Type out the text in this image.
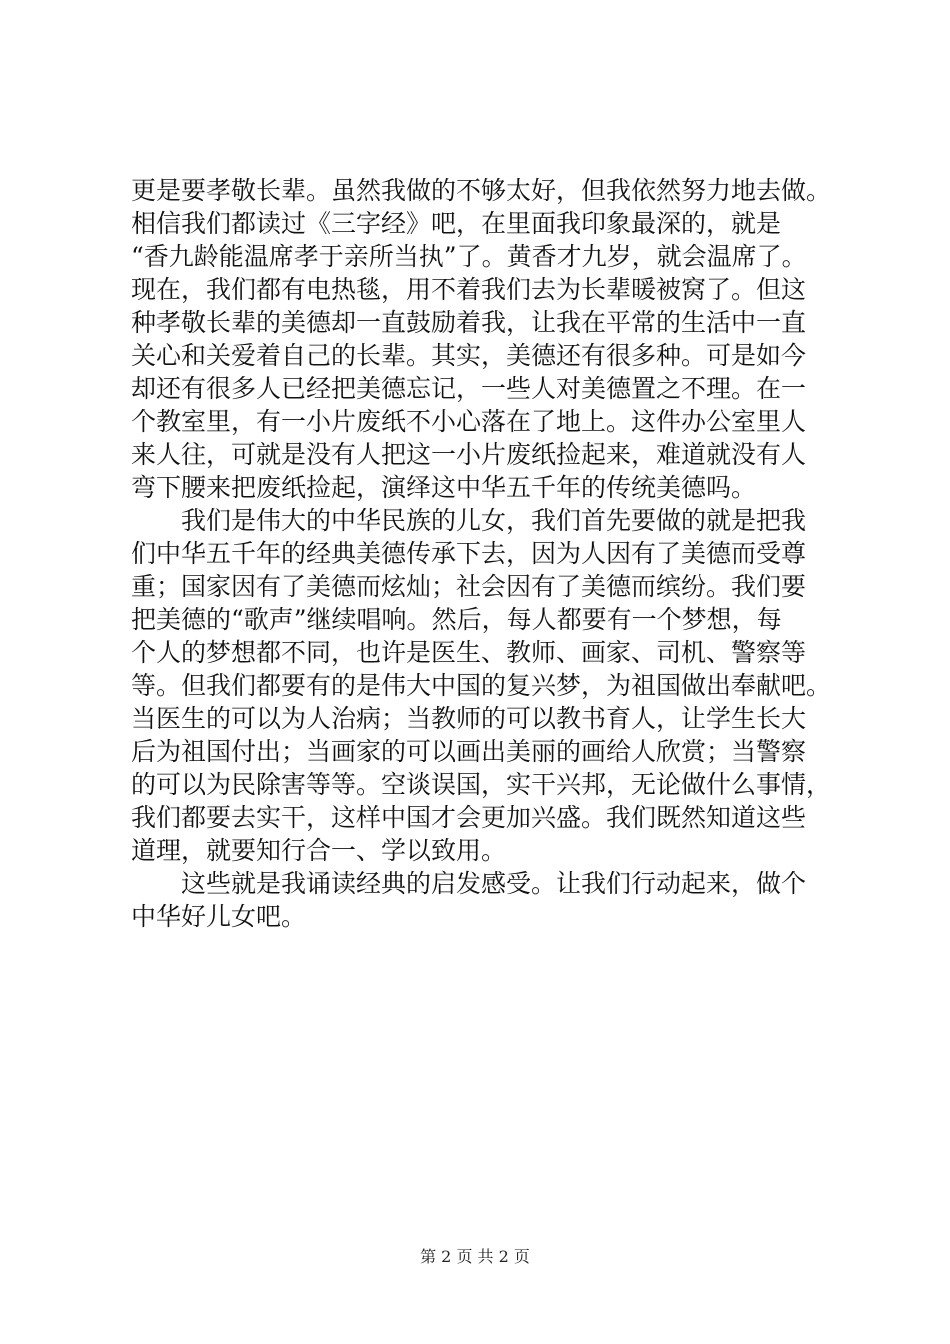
更是要孝敬长辈。虽然我做的不够太好，但我依然努力地去做。
相信我们都读过《三字经》吧，在里面我印象最深的，就是
“香九龄能温席孝于亲所当执”了。黄香才九岁，就会温席了。
现在，我们都有电热毯，用不着我们去为长辈暖被窝了。但这
种孝敬长辈的美德却一直鼓励着我，让我在平常的生活中一直
关心和关爱着自己的长辈。其实，美德还有很多种。可是如今
却还有很多人已经把美德忘记，一些人对美德置之不理。在一
个教室里，有一小片废纸不小心落在了地上。这件办公室里人
来人往，可就是没有人把这一小片废纸捡起来，难道就没有人
弯下腰来把废纸捡起，演绎这中华五千年的传统美德吗。
我们是伟大的中华民族的儿女，我们首先要做的就是把我
们中华五千年的经典美德传承下去，因为人因有了美德而受尊
重；国家因有了美德而炫灿；社会因有了美德而缤纷。我们要
把美德的“歌声”继续唱响。然后，每人都要有一个梦想，每
个人的梦想都不同，也许是医生、教师、画家、司机、警察等
等。但我们都要有的是伟大中国的复兴梦，为祖国做出奉献吧。
当医生的可以为人治病；当教师的可以教书育人，让学生长大
后为祖国付出；当画家的可以画出美丽的画给人欣赏；当警察
的可以为民除害等等。空谈误国，实干兴邦，无论做什么事情，
我们都要去实干，这样中国才会更加兴盛。我们既然知道这些
道理，就要知行合一、学以致用。
这些就是我诵读经典的启发感受。让我们行动起来，做个
中华好儿女吧。
第 2 页 共 2 页
